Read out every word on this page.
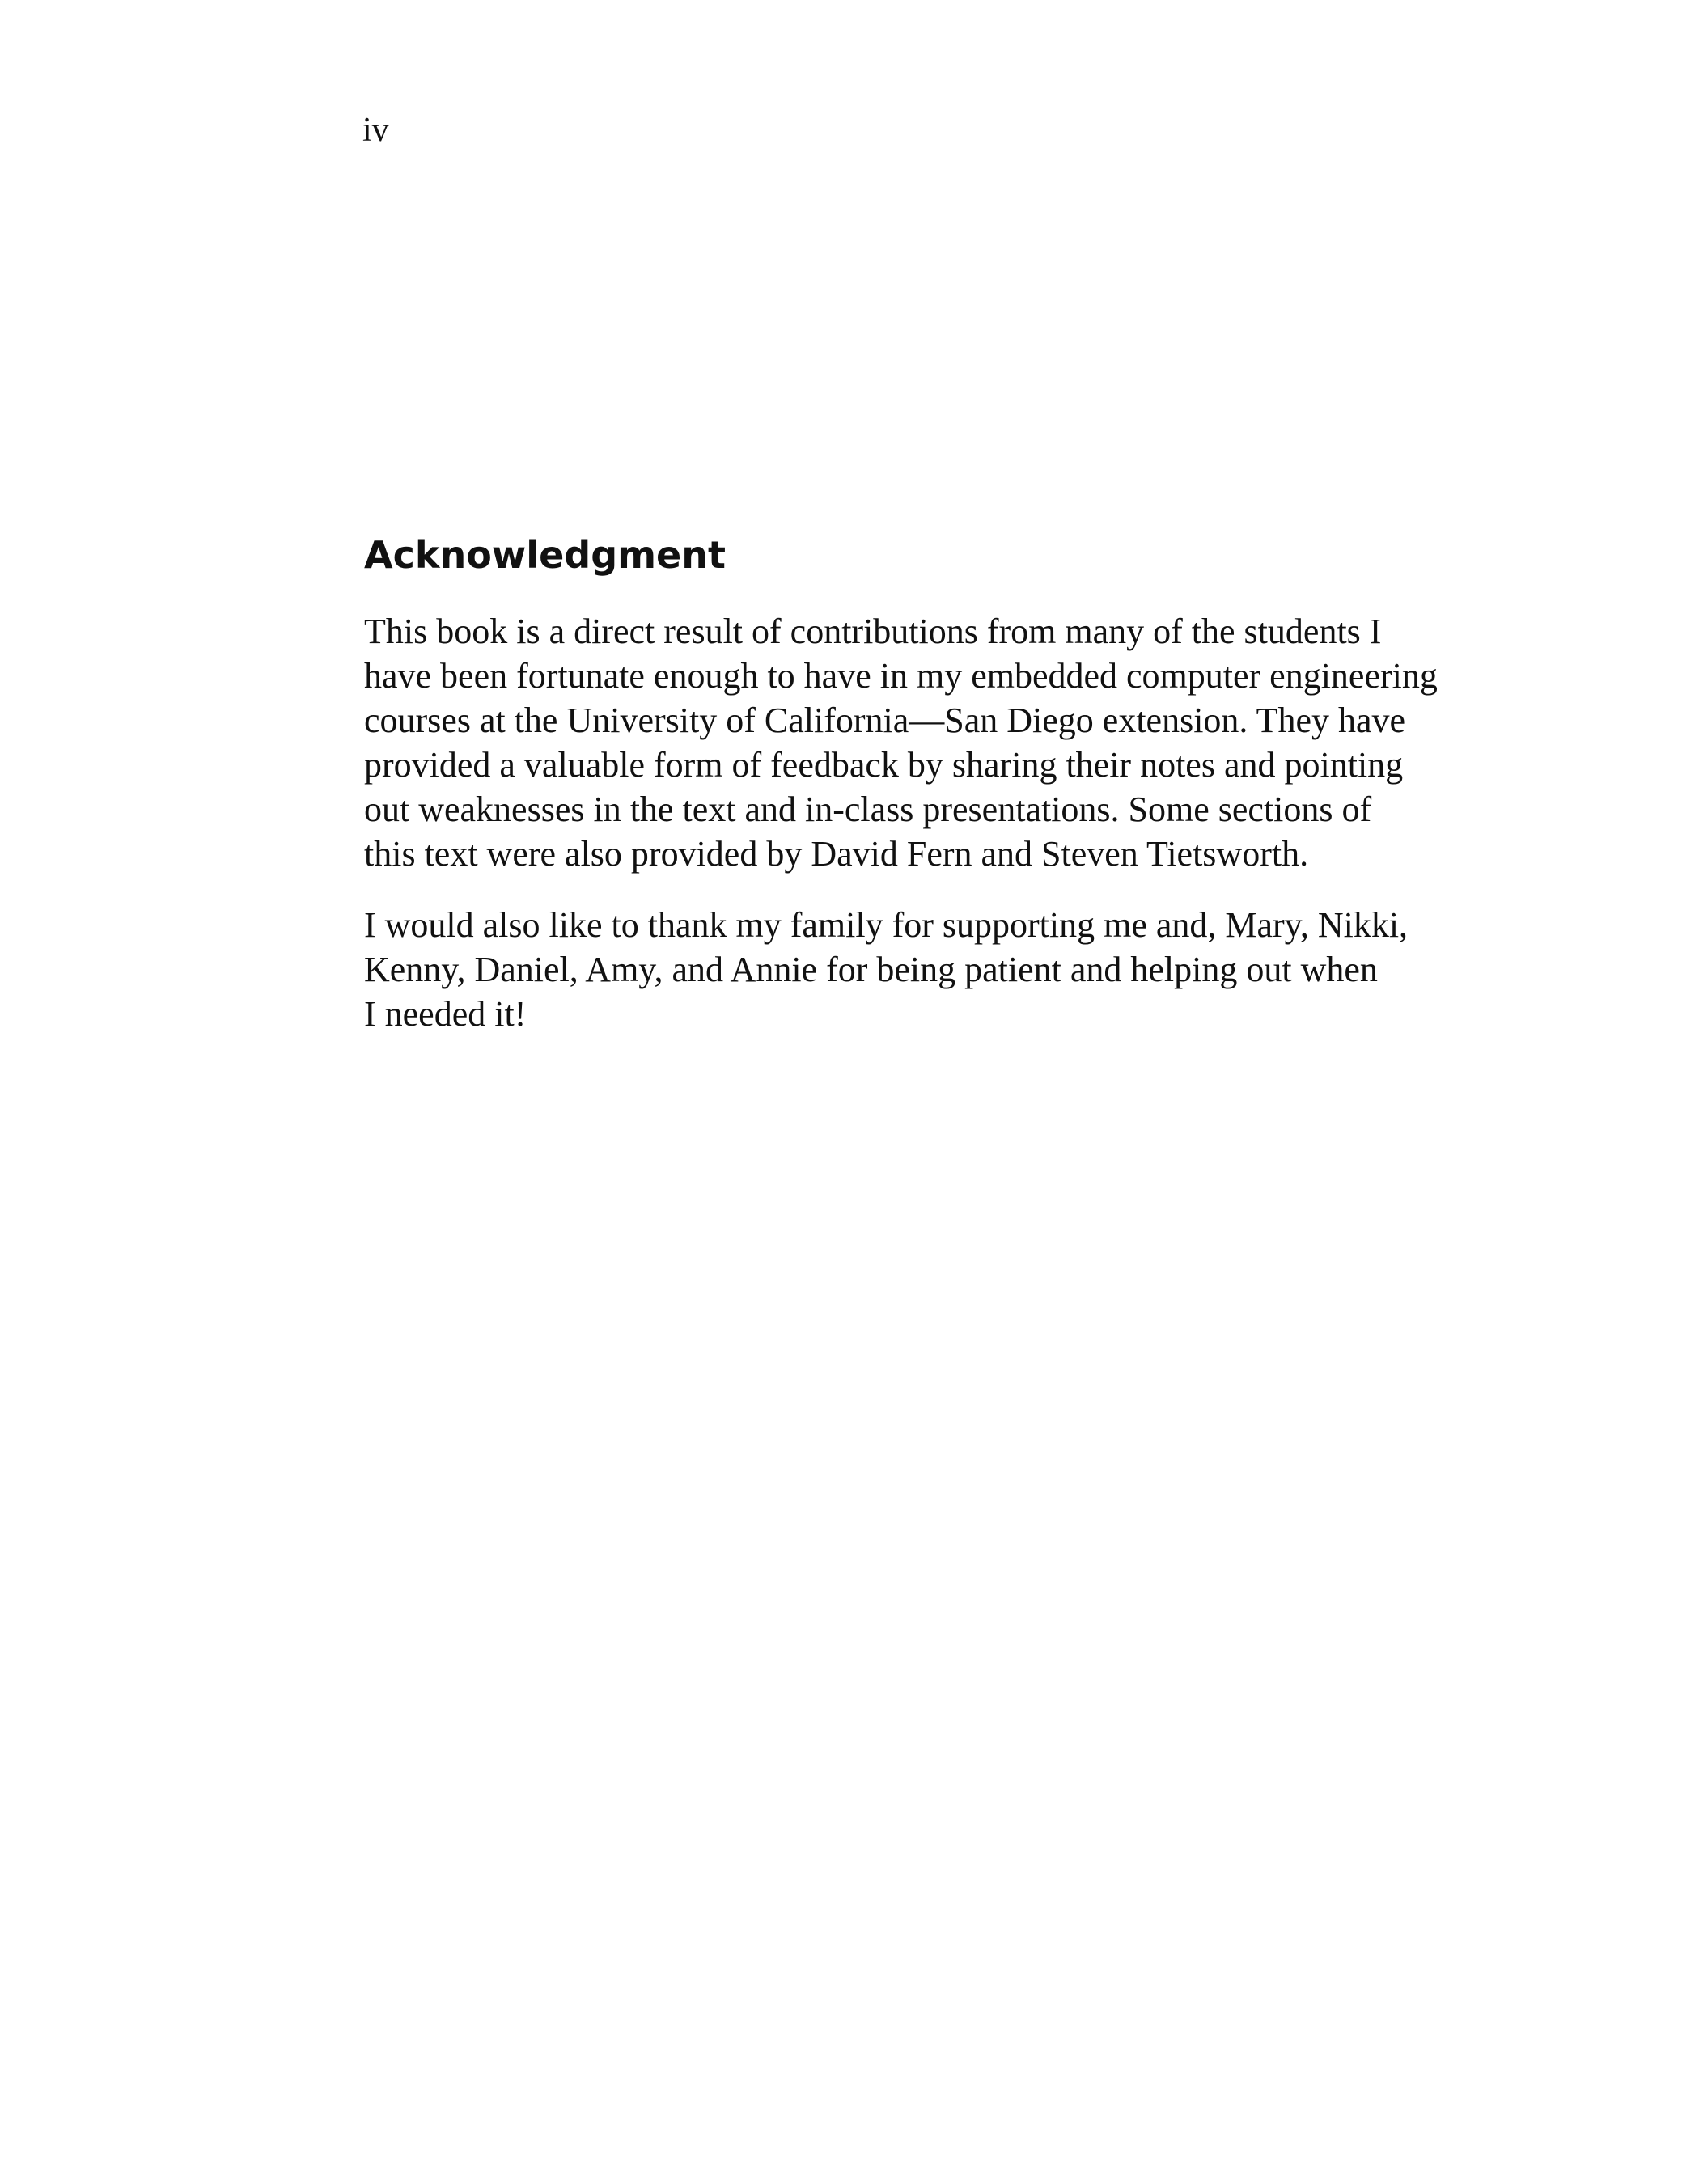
iv
Acknowledgment

This book is a direct result of contributions from many of the students I
have been fortunate enough to have in my embedded computer engineering
courses at the University of California—San Diego extension. They have
provided a valuable form of feedback by sharing their notes and pointing
out weaknesses in the text and in-class presentations. Some sections of
this text were also provided by David Fern and Steven Tietsworth.

I would also like to thank my family for supporting me and, Mary, Nikki,
Kenny, Daniel, Amy, and Annie for being patient and helping out when
I needed it!
